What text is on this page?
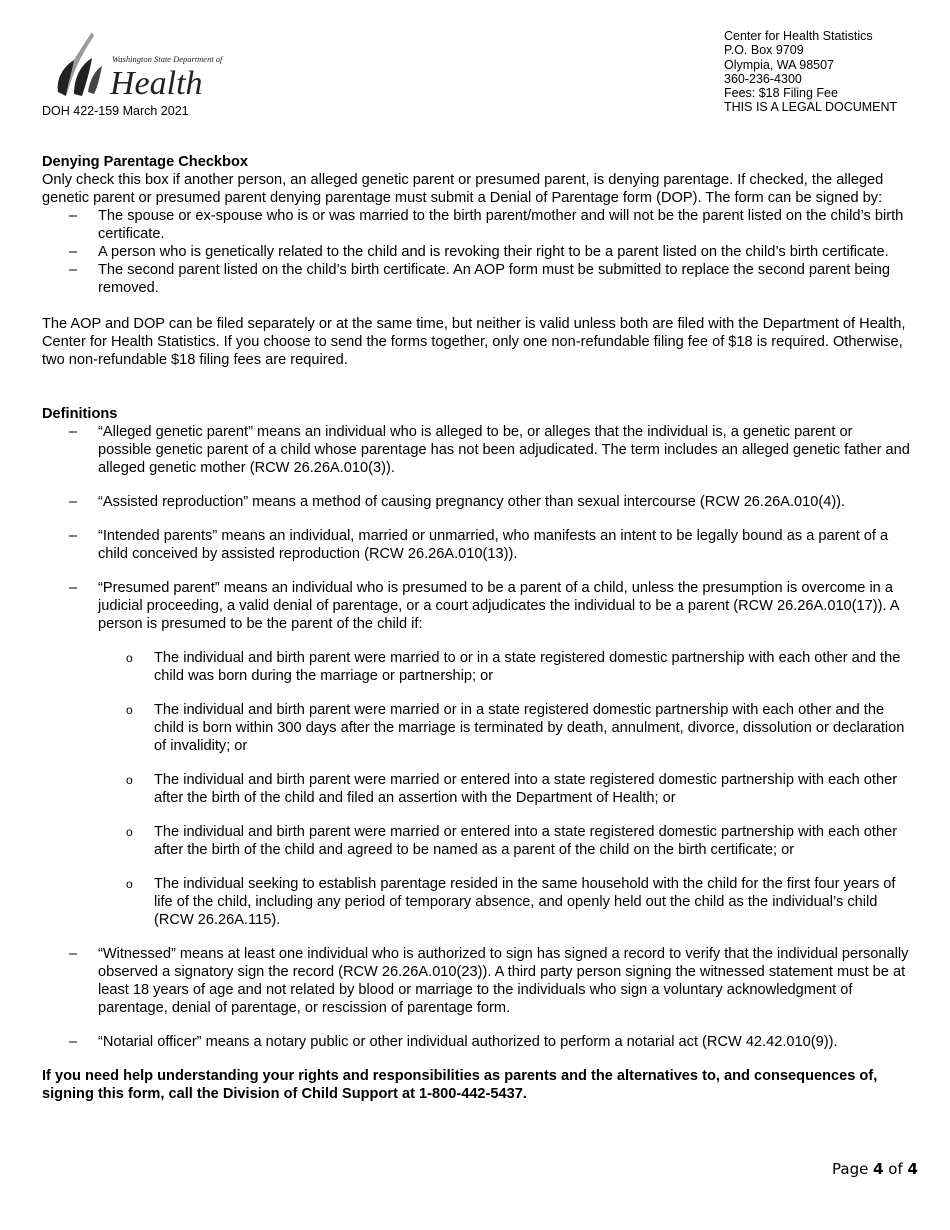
Washington State Department of
Health
DOH 422-159 March 2021
Center for Health Statistics
P.O. Box 9709
Olympia, WA 98507
360-236-4300
Fees: $18 Filing Fee
THIS IS A LEGAL DOCUMENT
Denying Parentage Checkbox

Only check this box if another person, an alleged genetic parent or presumed parent, is denying parentage. If checked, the alleged genetic parent or presumed parent denying parentage must submit a Denial of Parentage form (DOP). The form can be signed by:

– The spouse or ex-spouse who is or was married to the birth parent/mother and will not be the parent listed on the child’s birth certificate.
– A person who is genetically related to the child and is revoking their right to be a parent listed on the child’s birth certificate.
– The second parent listed on the child’s birth certificate. An AOP form must be submitted to replace the second parent being removed.

The AOP and DOP can be filed separately or at the same time, but neither is valid unless both are filed with the Department of Health, Center for Health Statistics. If you choose to send the forms together, only one non-refundable filing fee of $18 is required. Otherwise, two non-refundable $18 filing fees are required.

Definitions
– “Alleged genetic parent” means an individual who is alleged to be, or alleges that the individual is, a genetic parent or possible genetic parent of a child whose parentage has not been adjudicated. The term includes an alleged genetic father and alleged genetic mother (RCW 26.26A.010(3)).
– “Assisted reproduction” means a method of causing pregnancy other than sexual intercourse (RCW 26.26A.010(4)).
– “Intended parents” means an individual, married or unmarried, who manifests an intent to be legally bound as a parent of a child conceived by assisted reproduction (RCW 26.26A.010(13)).
– “Presumed parent” means an individual who is presumed to be a parent of a child, unless the presumption is overcome in a judicial proceeding, a valid denial of parentage, or a court adjudicates the individual to be a parent (RCW 26.26A.010(17)). A person is presumed to be the parent of the child if:
o The individual and birth parent were married to or in a state registered domestic partnership with each other and the child was born during the marriage or partnership; or
o The individual and birth parent were married or in a state registered domestic partnership with each other and the child is born within 300 days after the marriage is terminated by death, annulment, divorce, dissolution or declaration of invalidity; or
o The individual and birth parent were married or entered into a state registered domestic partnership with each other after the birth of the child and filed an assertion with the Department of Health; or
o The individual and birth parent were married or entered into a state registered domestic partnership with each other after the birth of the child and agreed to be named as a parent of the child on the birth certificate; or
o The individual seeking to establish parentage resided in the same household with the child for the first four years of life of the child, including any period of temporary absence, and openly held out the child as the individual’s child (RCW 26.26A.115).
– “Witnessed” means at least one individual who is authorized to sign has signed a record to verify that the individual personally observed a signatory sign the record (RCW 26.26A.010(23)). A third party person signing the witnessed statement must be at least 18 years of age and not related by blood or marriage to the individuals who sign a voluntary acknowledgment of parentage, denial of parentage, or rescission of parentage form.
– “Notarial officer” means a notary public or other individual authorized to perform a notarial act (RCW 42.42.010(9)).

If you need help understanding your rights and responsibilities as parents and the alternatives to, and consequences of, signing this form, call the Division of Child Support at 1-800-442-5437.

Page 4 of 4
